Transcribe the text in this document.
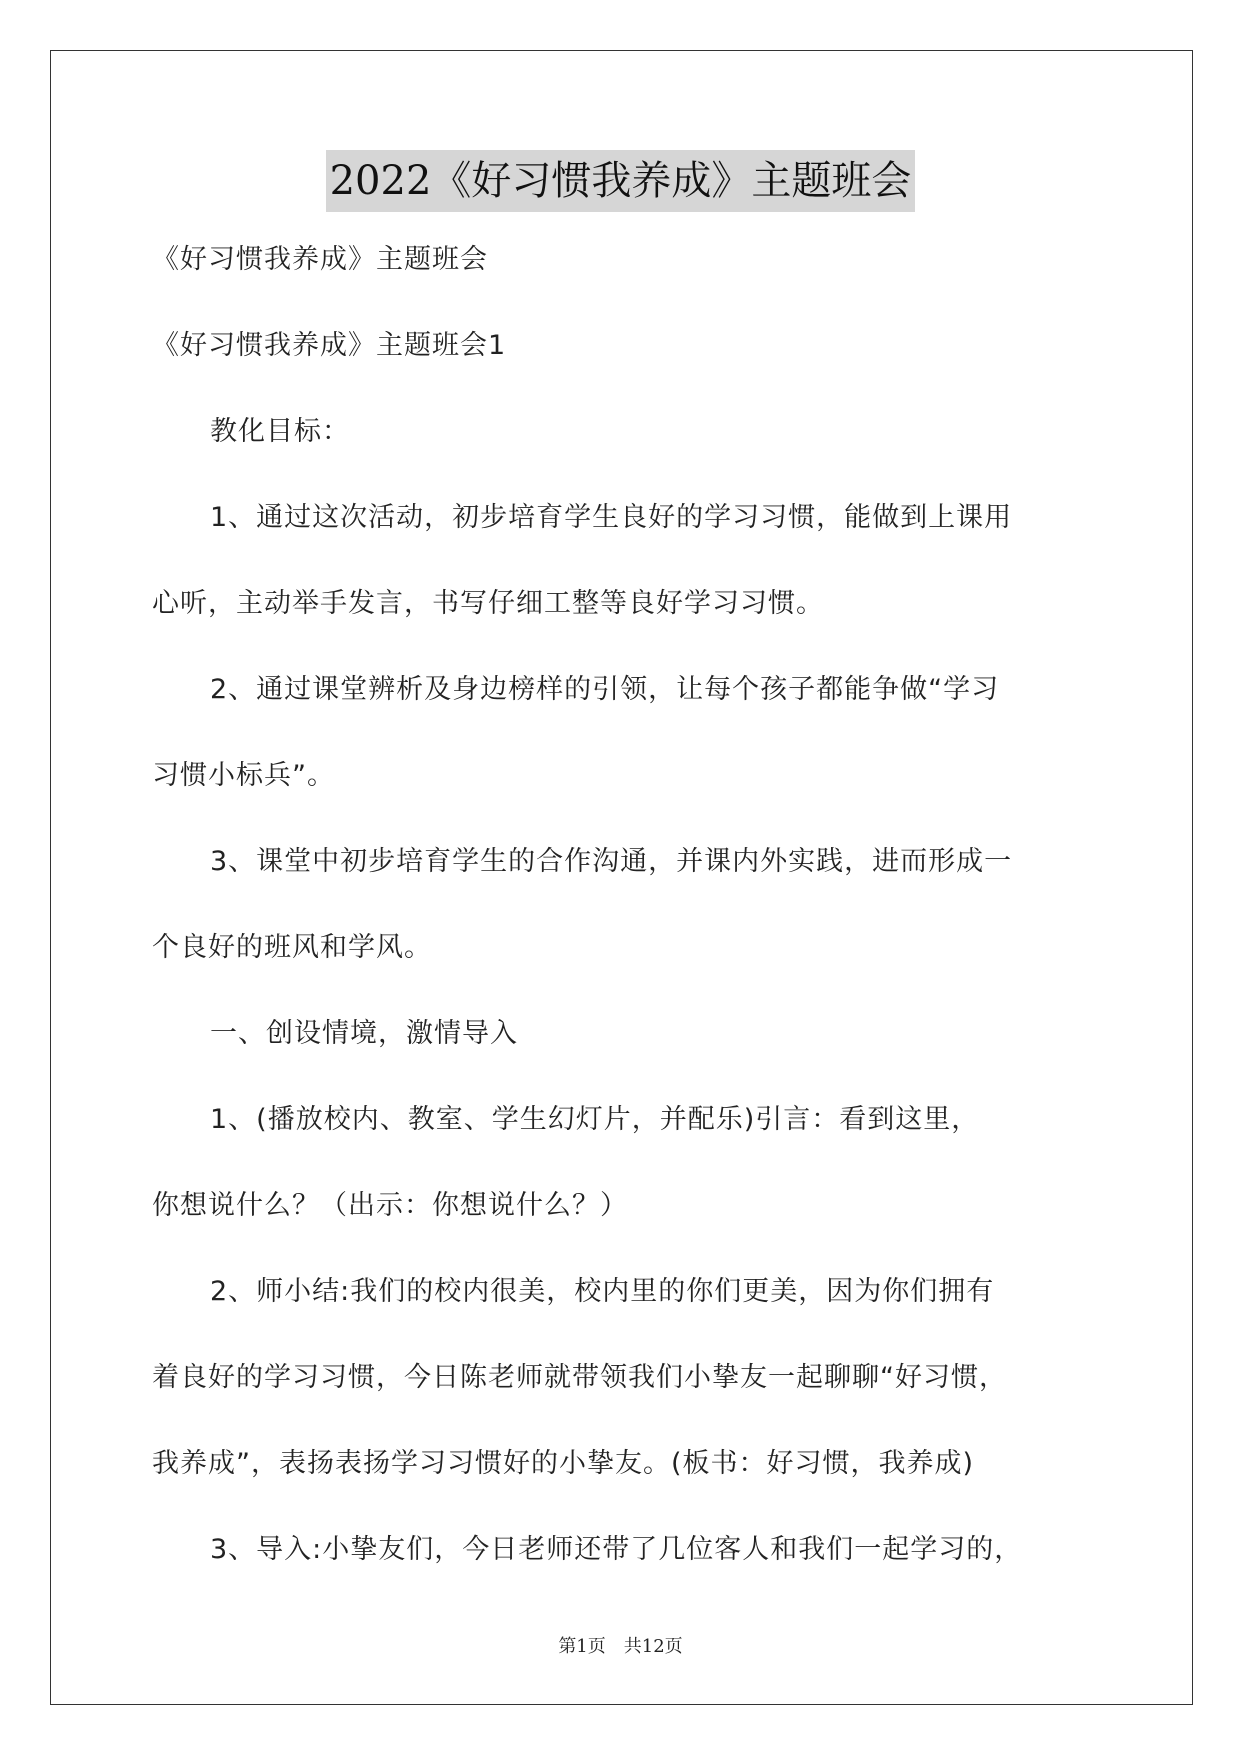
2022《好习惯我养成》主题班会
《好习惯我养成》主题班会
《好习惯我养成》主题班会1
教化目标：
1、通过这次活动，初步培育学生良好的学习习惯，能做到上课用
心听，主动举手发言，书写仔细工整等良好学习习惯。
2、通过课堂辨析及身边榜样的引领，让每个孩子都能争做“学习
习惯小标兵”。
3、课堂中初步培育学生的合作沟通，并课内外实践，进而形成一
个良好的班风和学风。
一、创设情境，激情导入
1、(播放校内、教室、学生幻灯片，并配乐)引言：看到这里，
你想说什么？（出示：你想说什么？）
2、师小结:我们的校内很美，校内里的你们更美，因为你们拥有
着良好的学习习惯，今日陈老师就带领我们小挚友一起聊聊“好习惯，
我养成”，表扬表扬学习习惯好的小挚友。(板书：好习惯，我养成)
3、导入:小挚友们，今日老师还带了几位客人和我们一起学习的，
第1页　共12页
